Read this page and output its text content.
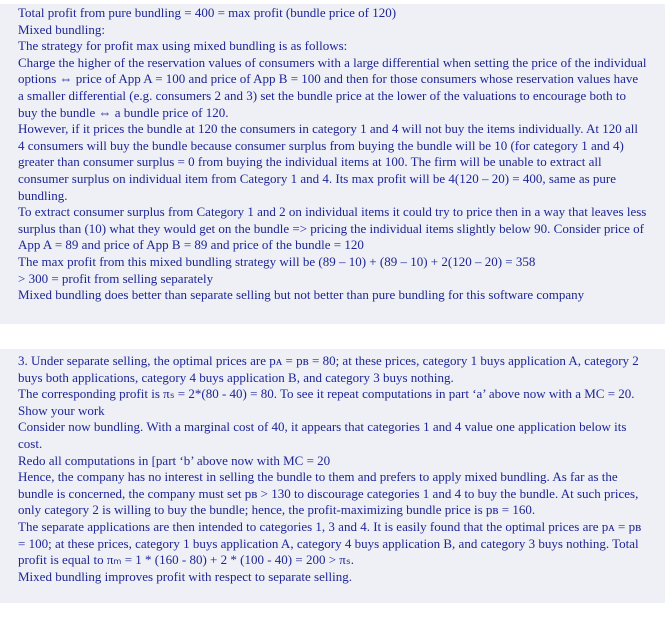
Total profit from pure bundling = 400 = max profit (bundle price of 120)

Mixed bundling:

The strategy for profit max using mixed bundling is as follows:

Charge the higher of the reservation values of consumers with a large differential when setting the price of the individual options ⇔ price of App A = 100 and price of App B = 100 and then for those consumers whose reservation values have a smaller differential (e.g. consumers 2 and 3) set the bundle price at the lower of the valuations to encourage both to buy the bundle ⇔ a bundle price of 120.

However, if it prices the bundle at 120 the consumers in category 1 and 4 will not buy the items individually. At 120 all 4 consumers will buy the bundle because consumer surplus from buying the bundle will be 10 (for category 1 and 4) greater than consumer surplus = 0 from buying the individual items at 100. The firm will be unable to extract all consumer surplus on individual item from Category 1 and 4. Its max profit will be 4(120 – 20) = 400, same as pure bundling.

To extract consumer surplus from Category 1 and 2 on individual items it could try to price then in a way that leaves less surplus than (10) what they would get on the bundle => pricing the individual items slightly below 90. Consider price of App A = 89 and price of App B = 89 and price of the bundle = 120

The max profit from this mixed bundling strategy will be (89 – 10) + (89 – 10) + 2(120 – 20) = 358

> 300 = profit from selling separately

Mixed bundling does better than separate selling but not better than pure bundling for this software company

3. Under separate selling, the optimal prices are pᴀ = pʙ = 80; at these prices, category 1 buys application A, category 2 buys both applications, category 4 buys application B, and category 3 buys nothing.

The corresponding profit is πₛ = 2*(80 - 40) = 80. To see it repeat computations in part ‘a’ above now with a MC = 20. Show your work

Consider now bundling. With a marginal cost of 40, it appears that categories 1 and 4 value one application below its cost.

Redo all computations in [part ‘b’ above now with MC = 20

Hence, the company has no interest in selling the bundle to them and prefers to apply mixed bundling. As far as the bundle is concerned, the company must set pʙ > 130 to discourage categories 1 and 4 to buy the bundle. At such prices, only category 2 is willing to buy the bundle; hence, the profit-maximizing bundle price is pʙ = 160.

The separate applications are then intended to categories 1, 3 and 4. It is easily found that the optimal prices are pᴀ = pʙ = 100; at these prices, category 1 buys application A, category 4 buys application B, and category 3 buys nothing. Total profit is equal to πₘ = 1 * (160 - 80) + 2 * (100 - 40) = 200 > πₛ.

Mixed bundling improves profit with respect to separate selling.
